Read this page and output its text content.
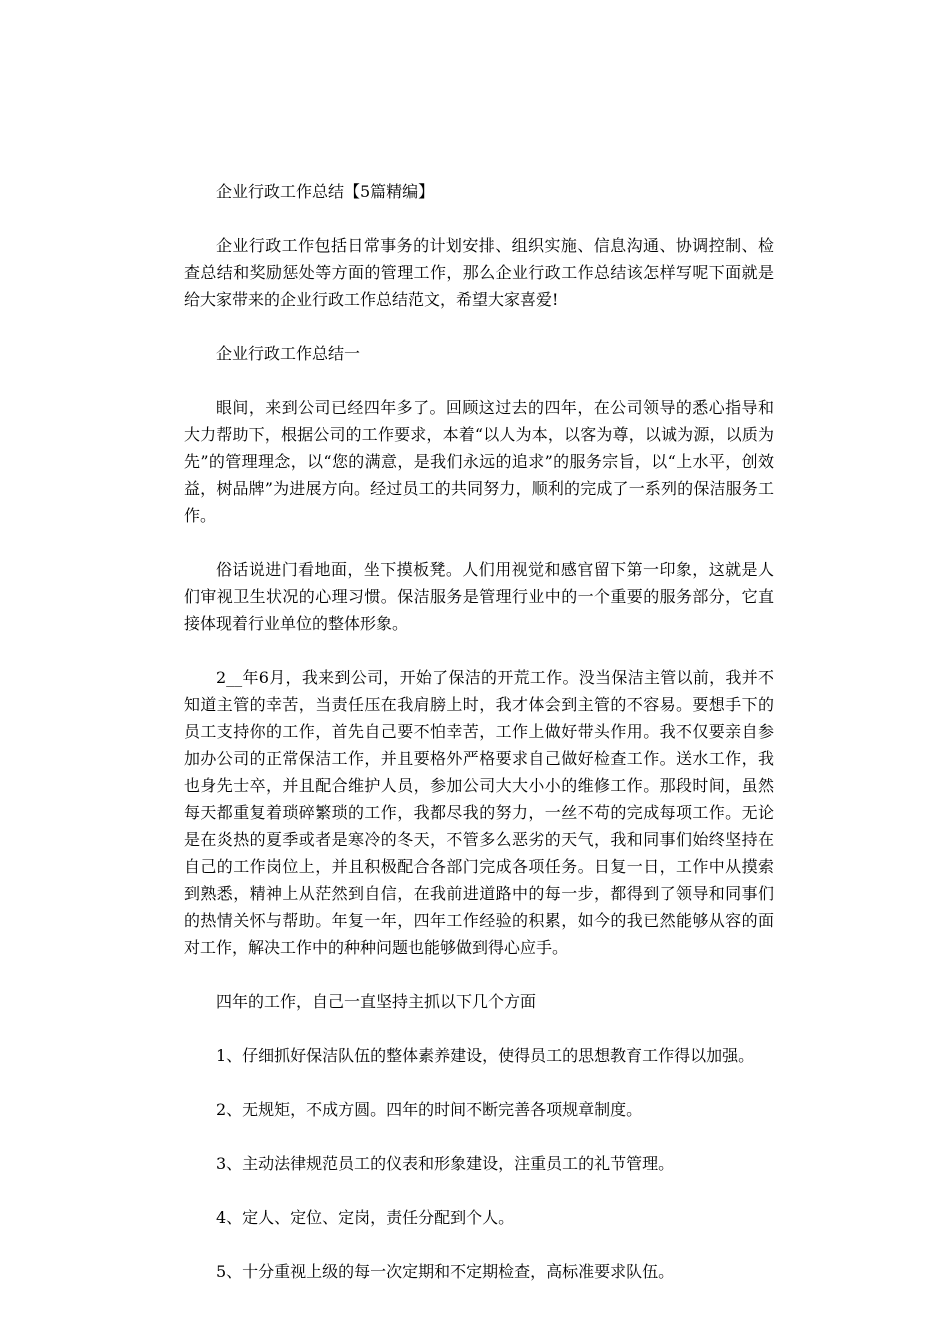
企业行政工作总结【5篇精编】

企业行政工作包括日常事务的计划安排、组织实施、信息沟通、协调控制、检查总结和奖励惩处等方面的管理工作，那么企业行政工作总结该怎样写呢下面就是给大家带来的企业行政工作总结范文，希望大家喜爱!

企业行政工作总结一

眼间，来到公司已经四年多了。回顾这过去的四年，在公司领导的悉心指导和大力帮助下，根据公司的工作要求，本着“以人为本，以客为尊，以诚为源，以质为先”的管理理念，以“您的满意，是我们永远的追求”的服务宗旨，以“上水平，创效益，树品牌”为进展方向。经过员工的共同努力，顺利的完成了一系列的保洁服务工作。

俗话说进门看地面，坐下摸板凳。人们用视觉和感官留下第一印象，这就是人们审视卫生状况的心理习惯。保洁服务是管理行业中的一个重要的服务部分，它直接体现着行业单位的整体形象。

2__年6月，我来到公司，开始了保洁的开荒工作。没当保洁主管以前，我并不知道主管的幸苦，当责任压在我肩膀上时，我才体会到主管的不容易。要想手下的员工支持你的工作，首先自己要不怕幸苦，工作上做好带头作用。我不仅要亲自参加办公司的正常保洁工作，并且要格外严格要求自己做好检查工作。送水工作，我也身先士卒，并且配合维护人员，参加公司大大小小的维修工作。那段时间，虽然每天都重复着琐碎繁琐的工作，我都尽我的努力，一丝不苟的完成每项工作。无论是在炎热的夏季或者是寒冷的冬天，不管多么恶劣的天气，我和同事们始终坚持在自己的工作岗位上，并且积极配合各部门完成各项任务。日复一日，工作中从摸索到熟悉，精神上从茫然到自信，在我前进道路中的每一步，都得到了领导和同事们的热情关怀与帮助。年复一年，四年工作经验的积累，如今的我已然能够从容的面对工作，解决工作中的种种问题也能够做到得心应手。

四年的工作，自己一直坚持主抓以下几个方面

1、仔细抓好保洁队伍的整体素养建设，使得员工的思想教育工作得以加强。

2、无规矩，不成方圆。四年的时间不断完善各项规章制度。

3、主动法律规范员工的仪表和形象建设，注重员工的礼节管理。

4、定人、定位、定岗，责任分配到个人。

5、十分重视上级的每一次定期和不定期检查，高标准要求队伍。
